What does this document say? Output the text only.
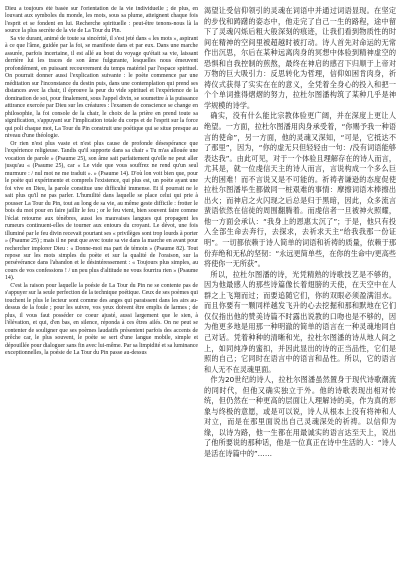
Dieu a toujours été basée sur l'orientation de la vie individuelle ; de plus, en louvant aux symboles du monde, les mots, sous sa plume, atteignent chaque fois l'esprit et se fondent en lui. Recherche spirituelle : peut-être tenons-nous là la source la plus secrète de la vie de La Tour du Pin.

Sa vie durant, animé de toute sa sincérité, il s'est jeté dans « les mots », aspirant à ce que l'âme, guidée par la foi, se manifeste dans et par eux. Dans une marche assurée, parfois incertaine, il est allé au bout du voyage qu'était sa vie, laissant derrière lui les traces de son âme fulgurante, lesquelles nous émeuvent profondément, en puissant recouvrement du temps matériel par l'espace spirituel. On pourrait donner aussi l'explication suivante : le poète commence par une méditation sur l'inconstance du destin puis, dans une contemplation qui prend ses distances avec la chair, il éprouve la peur du vide spirituel et l'expérience de la domination de soi, pour finalement, sous l'appel divin, se soumettre à la puissance attirance exercée par Dieu sur les créatures : l'examen de conscience se change en philosophie, la foi console de la chair, le choix de la prière en prend toute sa signification, s'appuyant sur l'implication totale du corps et de l'esprit sur la force qui poli chaque mot, La Tour du Pin construit une poétique qui se situe presque au niveau d'une théologie.

Or rien n'est plus vaste et n'est plus cause de profonde désespérance que l'expérience religieuse. Tandis qu'il supporte dans sa chair « Tu m'as allouée une vocation de parole » (Psaume 25), son âme sait parfaitement qu'elle ne peut aller jusqu'au « (Psaume 25), car « Le vide que vous souffrez ne rend qu'un seul murmure : / nul mot ne me traduit ». » (Psaume 14). D'où lon voit bien que, pour le poète qui expérimente et comprels l'existence, qui plus est, un poète ayant une foi vive en Dieu, la parole constitue une difficulté immense. Et il pourrait ne le sait plus qu'il ne pas parler. L'humilité dans laquelle se place celui qui prie à pousser La Tour du Pin, tout au long de sa vie, au même geste difficile : frotter le bois du mot pour en faire jaillir le feu ; or le feu vient, bien souvent faire comme l'éclat retourne aux ténèbres, aussi les mauvaises langues qui propagent les rumeurs continuent-elles de tourner aux entours du croyant. Le dévot, une fois illuminé par le feu divin recevait pourtant ses « privilèges sont trop lourds à porter » (Psaume 25) ; mais il ne peut que avec toute sa vie dans la marche en avant pour rechercher implorer Dieu : « Donne-moi ma part de témoin » (Psaume 82). Tout repose sur les mots simples du poète et sur la qualité de l'oraison, sur la persévérance dans l'abandon et le désintéressement : « Toujours plus simples, au cours de vos confessions ! / un peu plus d'altitude ne vous fourrira rien » (Psaume 14).

C'est la raison pour laquelle la poésie de La Tour du Pin ne se contente pas de s'appuyer sur la seule perfection de la technique poétique. Ceux de ses poèmes qui touchent le plus le lecteur sont comme des anges qui paraissent dans les airs au-dessus de la foule ; pour les suivre, vos yeux doivent être emplis de larmes ; de plus, il vous faut posséder ce coeur ajusté, aussi largement que le sien, à l'élévation, et qui, d'en bas, en silence, réponda à ces êtres ailés. On ne peut se contenter de souligner que ses poèmes laudatifs présentent parfois des accents de prêche car, le plus souvent, le poète se sert d'une langue mobile, simple et dépouillée pour dialoguer sans fin avec lui-même. Par sa limpidité et sa luminance exceptionnelles, la poésie de La Tour du Pin passe au-dessus

渴望让受信仰领引的灵魂在词语中并通过词语显现。在坚定的步伐和踌躇的姿态中，他走完了自己一生的路程，途中留下了灵魂闪烁后粗大般深刻的痕迹，让我们看到物质性的时间在精神的空间里被超越时被打动。诗人首先对命运的无常作出沉思，尔后在某种远离肉身的冥想中体验到精神虚空的恐惧和自我控制的煎熬，最终在神启的感召下归顺于上帝对万物的巨大吸引力：反思转化为哲理，信仰如困肯肉身，祈祷仪式获得了实实在在的意义，全凭着全身心的投入和把一个个单词推得熠熠的努力，拉杜尔图潘构筑了某种几乎是神学规模的诗学。

确实，没有什么能比宗教体验更广阔，并在深度上更让人绝望。一方面，拉杜尔图潘用肉身承受着，“你赐予我一种语言的使命”，另一方面，他的灵魂又深知，“可是，它抵达不了那里”，因为，“你的虚无只但轻轻由一句：/没有词语能够表达我”。由此可见，对于一个体验且理解存在的诗人而言，尤其是，就一位虔信天主的诗人而言，言说构成一个多么巨大的困难！而不言说又是不可能的。祈祷者谦逊的态度促使拉杜尔图潘毕生都做同一桩艰难的事情：摩擦词语木棒擦出出火；而神启之火闪现之后总是归于黑暗，因此，众多流言蜚语依然在信徒的周围翻腾着。而虔信者一旦被神火照耀，他一方面会承认：“我身上的恩惠太沉了”；于是，他只有投入全部生命去奔行，去探求，去祈求天主“给我我那一份证明”。一切都依赖于诗人简单的词语和祈祷的质量，依赖于那份弃绝和无私的坚韧：“永远更简单些，在你的生命中/更高些将使你一无所获”。

所以，拉杜尔图潘的诗，光凭精熟的诗歌技艺是不够的，因为他最感人的那些诗篇像长着翅膀的天使，在天空中在人群之上飞翔而过；而要追随它们，你的双眼必须盈满泪水。而且你要有一颗同样越发飞升的心去挖掘和那和默地在它们仅仅指出他的赞美诗篇不时露出说教的口吻也是不够的，因为他更多地是用那一种明澈的简单的语言在一种灵魂地同自己对话。凭着种种的清晰和光，拉杜尔图潘的诗从地人间之上，如同纯净的蜜扣，并因此显出的诗的正当品性，它们是照的自己；它同时在语言中的语言和品性。所以，它的语言和人无不在灵魂里面。

作为20世纪的诗人，拉杜尔图潘虽然置身于现代诗歌潮流的同时代，但他又确实独立于外。他的诗歌表现出相对传统，但仍然在一种更高的层面让人理解诗的美，作为真的形象与终极的意愿，或是可以说，诗人从根本上没有将神和人对立，而是在那里面说出自己灵魂深处的祈祷。以信仰为缘，以诗为路，他一生都在用最诚实的语言达至天上，说出了他所要说的那种话，他是一位真正在诗中生活的人：“诗人是活在诗篇中的”……
